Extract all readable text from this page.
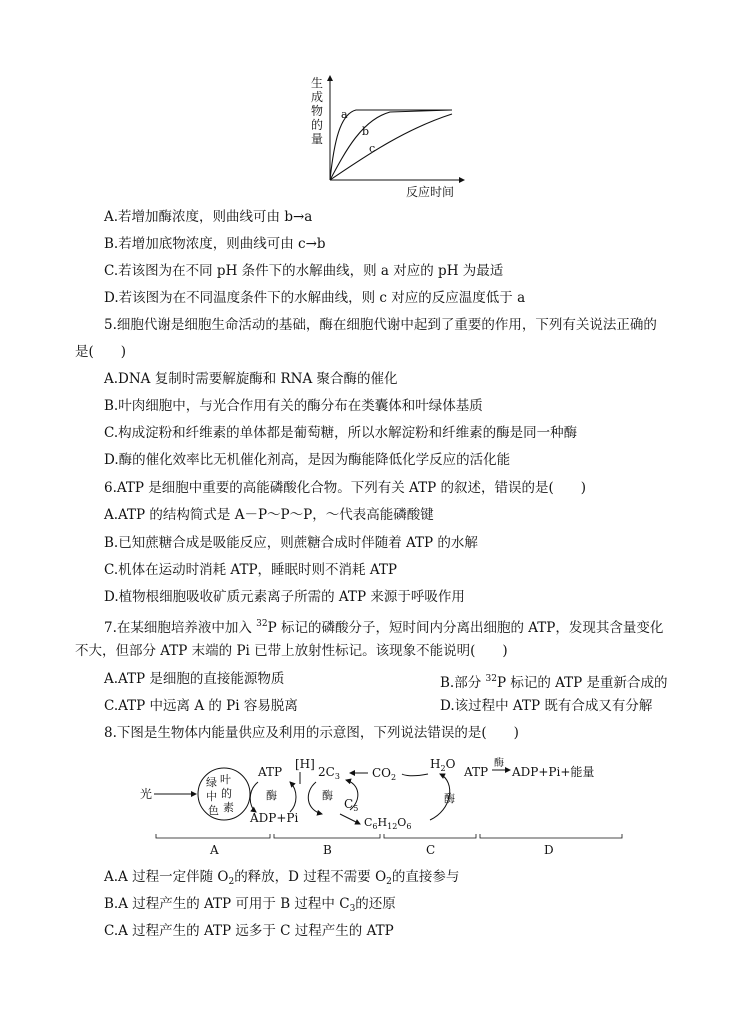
生
成
物
的
量
a
b
c
反应时间
A.若增加酶浓度，则曲线可由 b→a
B.若增加底物浓度，则曲线可由 c→b
C.若该图为在不同 pH 条件下的水解曲线，则 a 对应的 pH 为最适
D.若该图为在不同温度条件下的水解曲线，则 c 对应的反应温度低于 a
5.细胞代谢是细胞生命活动的基础，酶在细胞代谢中起到了重要的作用，下列有关说法正确的
是(　　)
A.DNA 复制时需要解旋酶和 RNA 聚合酶的催化
B.叶肉细胞中，与光合作用有关的酶分布在类囊体和叶绿体基质
C.构成淀粉和纤维素的单体都是葡萄糖，所以水解淀粉和纤维素的酶是同一种酶
D.酶的催化效率比无机催化剂高，是因为酶能降低化学反应的活化能
6.ATP 是细胞中重要的高能磷酸化合物。下列有关 ATP 的叙述，错误的是(　　)
A.ATP 的结构简式是 A－P～P～P，～代表高能磷酸键
B.已知蔗糖合成是吸能反应，则蔗糖合成时伴随着 ATP 的水解
C.机体在运动时消耗 ATP，睡眠时则不消耗 ATP
D.植物根细胞吸收矿质元素离子所需的 ATP 来源于呼吸作用
7.在某细胞培养液中加入 $^{32}$P 标记的磷酸分子，短时间内分离出细胞的 ATP，发现其含量变化
不大，但部分 ATP 末端的 Pi 已带上放射性标记。该现象不能说明(　　)
A.ATP 是细胞的直接能源物质	B.部分 $^{32}$P 标记的 ATP 是重新合成的
C.ATP 中远离 A 的 Pi 容易脱离	D.该过程中 ATP 既有合成又有分解
8.下图是生物体内能量供应及利用的示意图，下列说法错误的是(　　)
光
绿 叶
中 的
色 素
ATP
ADP+Pi
酶
[H]
$2C_3$
酶
$C_5$
$CO_2$
$C_6H_{12}O_6$
$H_2O$
酶
ATP
酶
ADP+Pi+能量
A	B	C	D
A.A 过程一定伴随 $O_2$的释放，D 过程不需要 $O_2$的直接参与
B.A 过程产生的 ATP 可用于 B 过程中 $C_3$的还原
C.A 过程产生的 ATP 远多于 C 过程产生的 ATP
